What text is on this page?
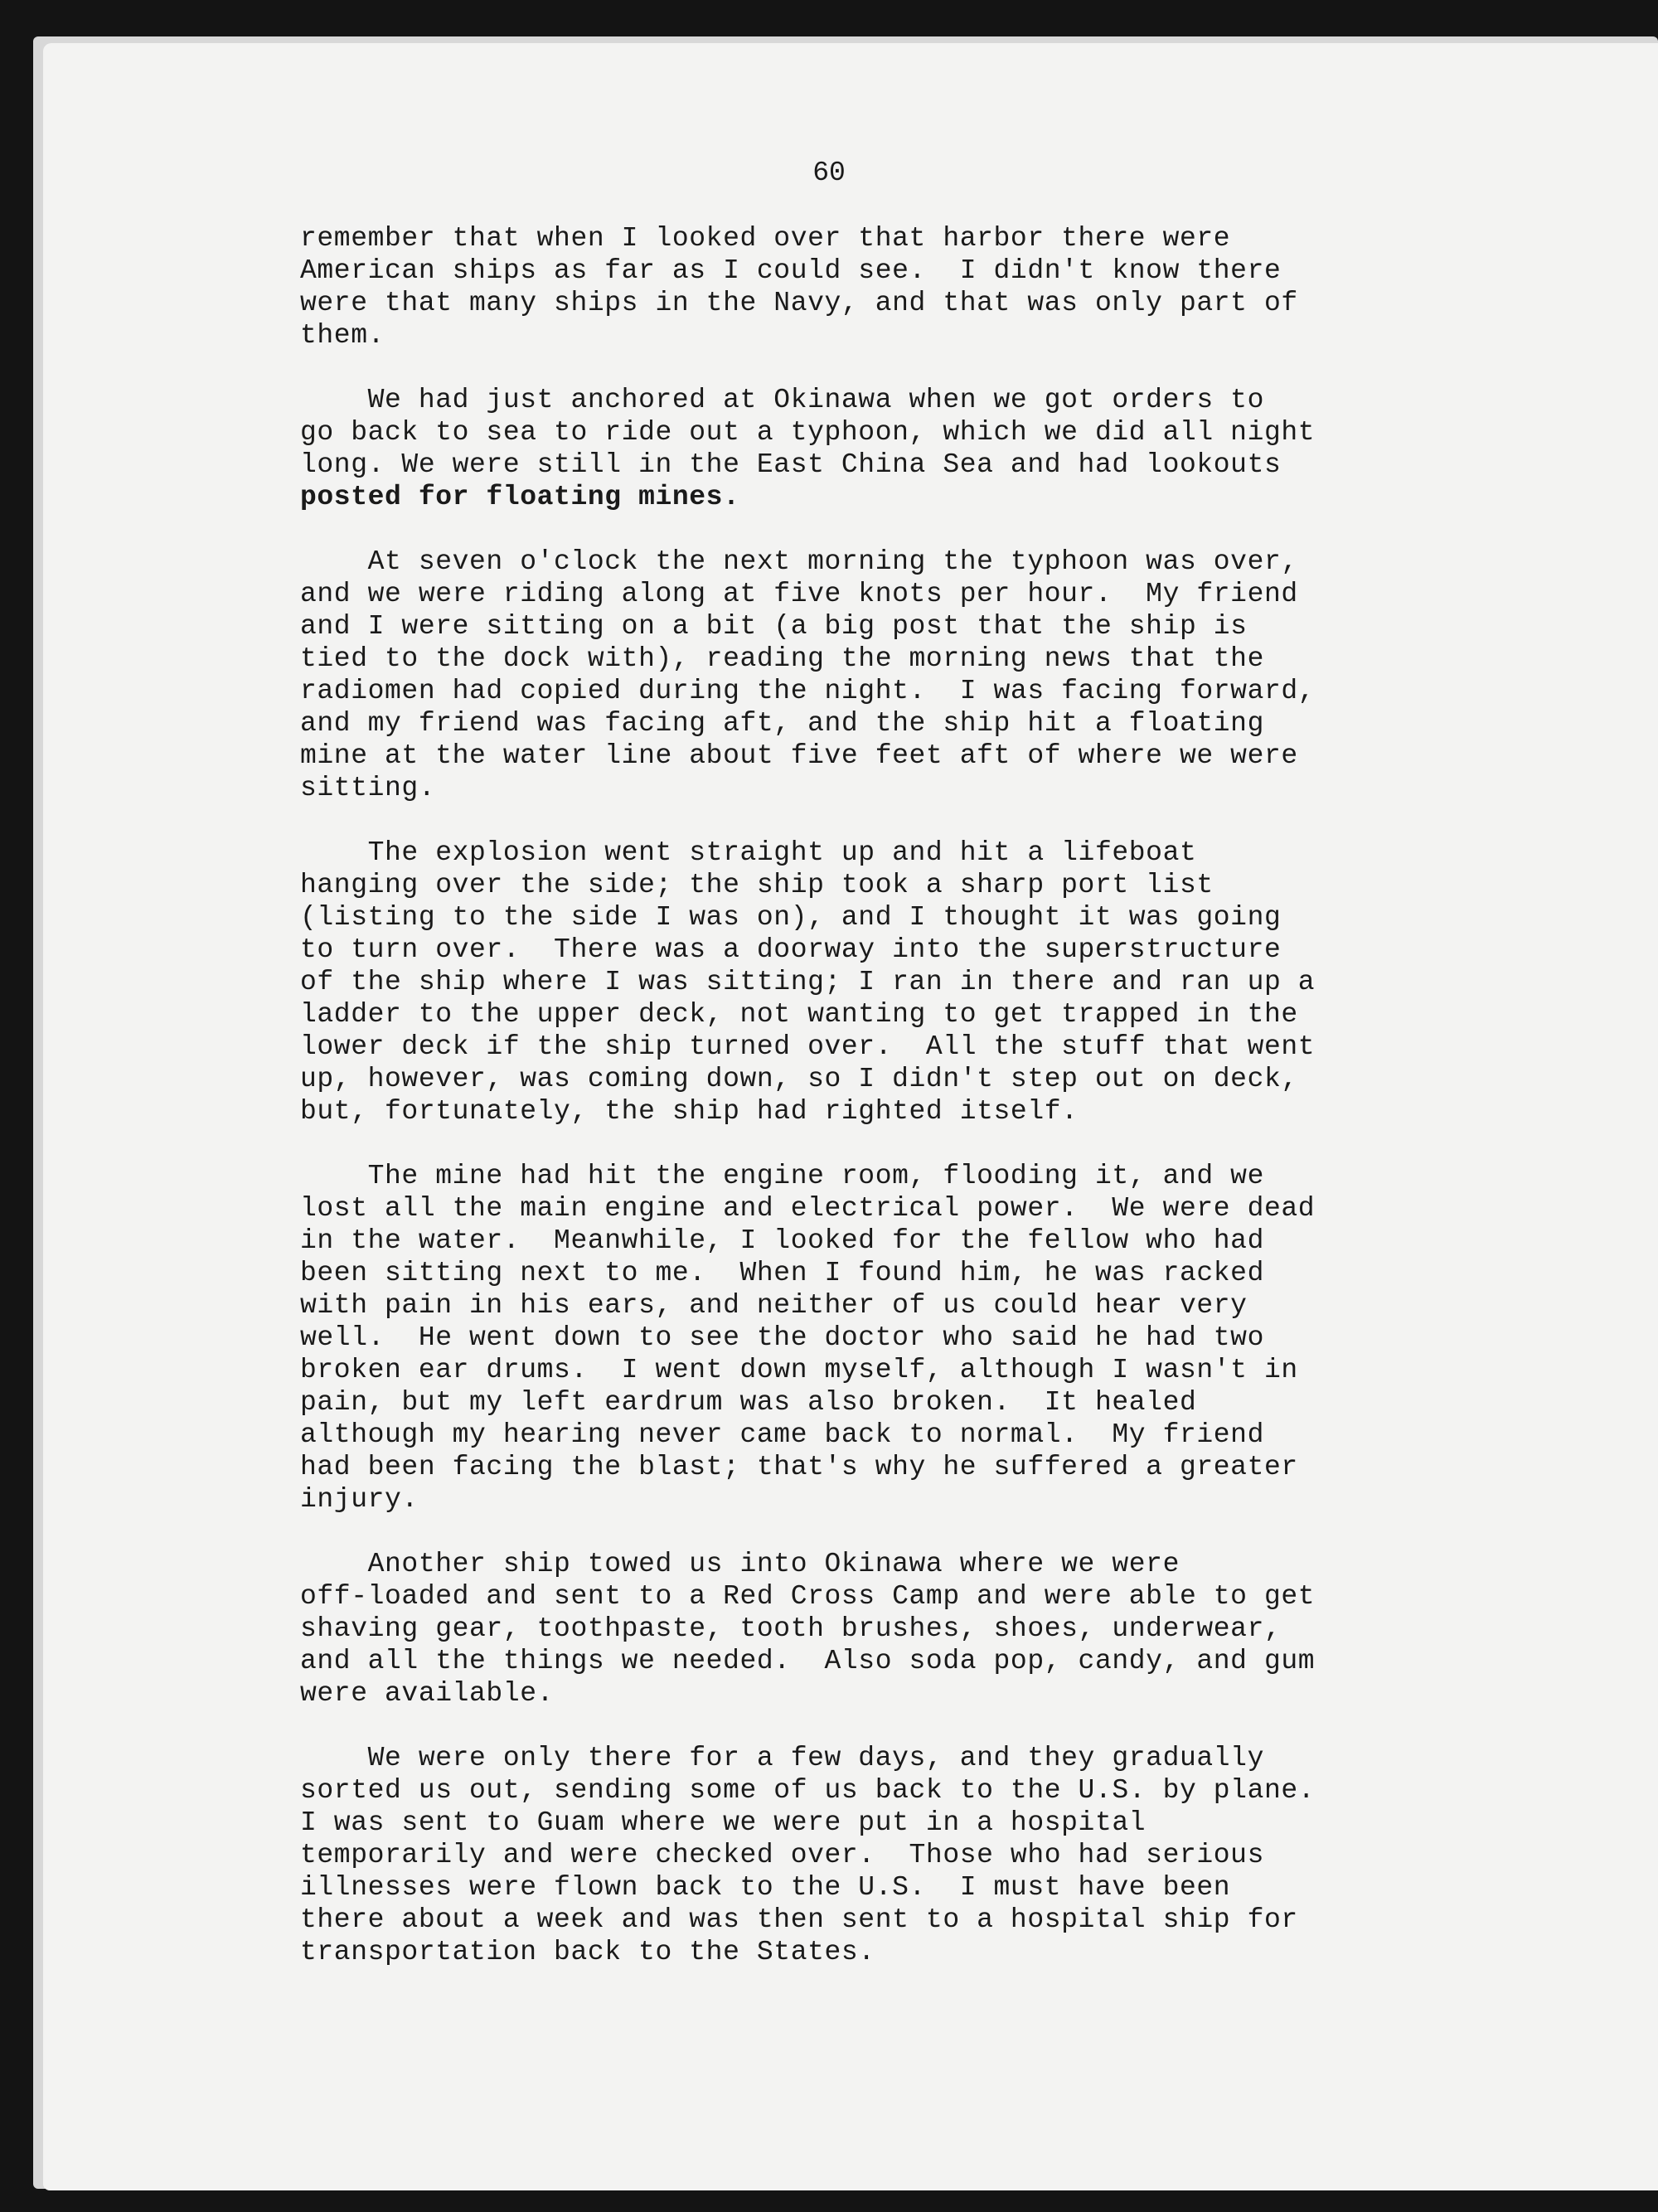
60

remember that when I looked over that harbor there were
American ships as far as I could see.  I didn't know there
were that many ships in the Navy, and that was only part of
them.

We had just anchored at Okinawa when we got orders to
go back to sea to ride out a typhoon, which we did all night
long. We were still in the East China Sea and had lookouts
posted for floating mines.

At seven o'clock the next morning the typhoon was over,
and we were riding along at five knots per hour.  My friend
and I were sitting on a bit (a big post that the ship is
tied to the dock with), reading the morning news that the
radiomen had copied during the night.  I was facing forward,
and my friend was facing aft, and the ship hit a floating
mine at the water line about five feet aft of where we were
sitting.

The explosion went straight up and hit a lifeboat
hanging over the side; the ship took a sharp port list
(listing to the side I was on), and I thought it was going
to turn over.  There was a doorway into the superstructure
of the ship where I was sitting; I ran in there and ran up a
ladder to the upper deck, not wanting to get trapped in the
lower deck if the ship turned over.  All the stuff that went
up, however, was coming down, so I didn't step out on deck,
but, fortunately, the ship had righted itself.

The mine had hit the engine room, flooding it, and we
lost all the main engine and electrical power.  We were dead
in the water.  Meanwhile, I looked for the fellow who had
been sitting next to me.  When I found him, he was racked
with pain in his ears, and neither of us could hear very
well.  He went down to see the doctor who said he had two
broken ear drums.  I went down myself, although I wasn't in
pain, but my left eardrum was also broken.  It healed
although my hearing never came back to normal.  My friend
had been facing the blast; that's why he suffered a greater
injury.

Another ship towed us into Okinawa where we were
off-loaded and sent to a Red Cross Camp and were able to get
shaving gear, toothpaste, tooth brushes, shoes, underwear,
and all the things we needed.  Also soda pop, candy, and gum
were available.

We were only there for a few days, and they gradually
sorted us out, sending some of us back to the U.S. by plane.
I was sent to Guam where we were put in a hospital
temporarily and were checked over.  Those who had serious
illnesses were flown back to the U.S.  I must have been
there about a week and was then sent to a hospital ship for
transportation back to the States.
